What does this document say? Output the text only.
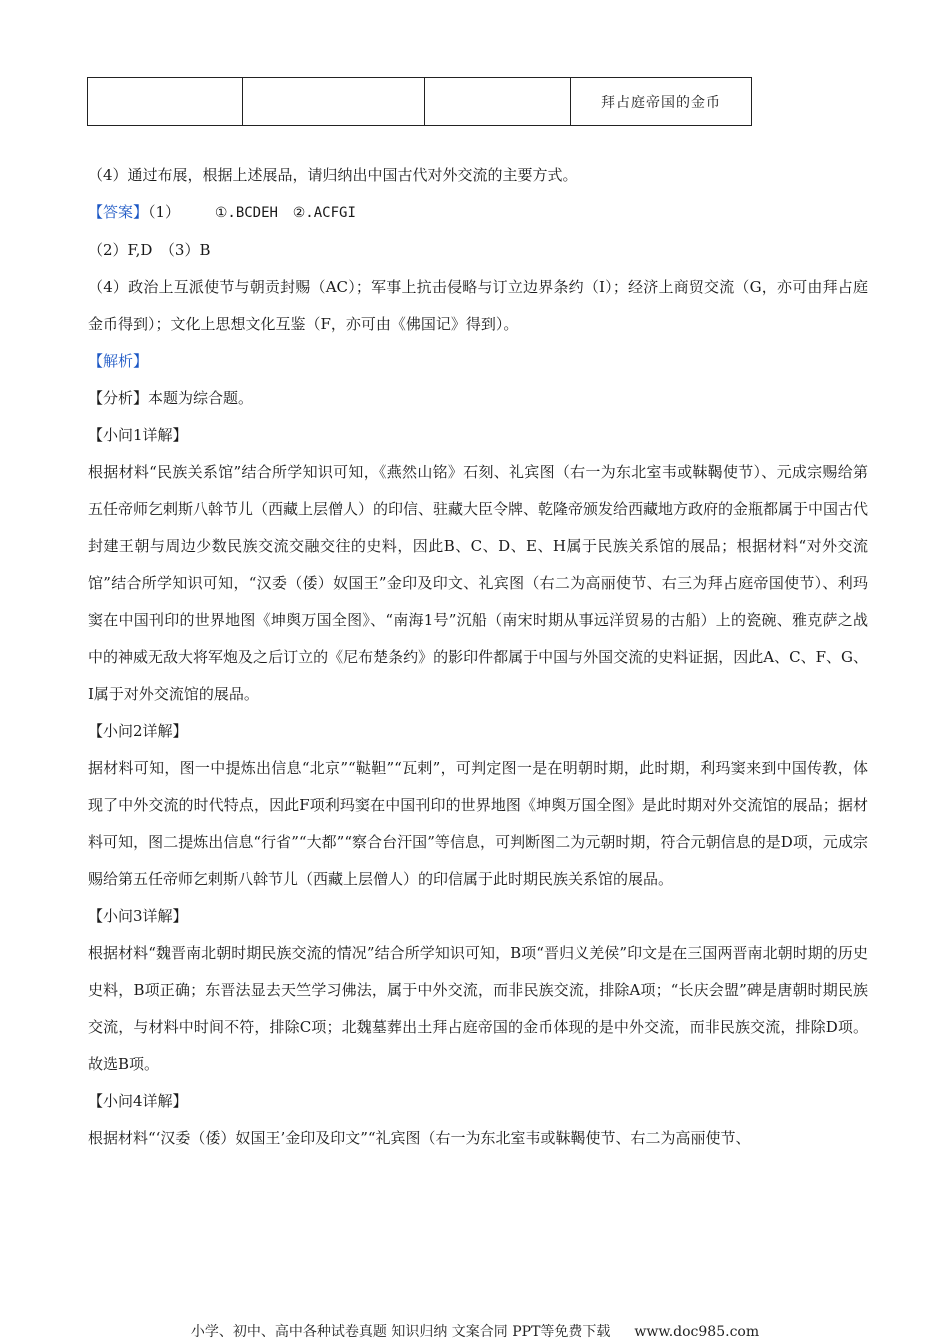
			拜占庭帝国的金币

（4）通过布展，根据上述展品，请归纳出中国古代对外交流的主要方式。

【答案】（1） ①.BCDEH ②.ACFGI

（2）F,D　（3）B

（4）政治上互派使节与朝贡封赐（AC）；军事上抗击侵略与订立边界条约（I）；经济上商贸交流（G，亦可由拜占庭金币得到）；文化上思想文化互鉴（F，亦可由《佛国记》得到）。

【解析】

【分析】本题为综合题。

【小问1详解】

根据材料“民族关系馆”结合所学知识可知，《燕然山铭》石刻、礼宾图（右一为东北室韦或靺鞨使节）、元成宗赐给第五任帝师乞剌斯八斡节儿（西藏上层僧人）的印信、驻藏大臣令牌、乾隆帝颁发给西藏地方政府的金瓶都属于中国古代封建王朝与周边少数民族交流交融交往的史料，因此B、C、D、E、H属于民族关系馆的展品；根据材料“对外交流馆”结合所学知识可知，“汉委（倭）奴国王”金印及印文、礼宾图（右二为高丽使节、右三为拜占庭帝国使节）、利玛窦在中国刊印的世界地图《坤舆万国全图》、“南海1号”沉船（南宋时期从事远洋贸易的古船）上的瓷碗、雅克萨之战中的神威无敌大将军炮及之后订立的《尼布楚条约》的影印件都属于中国与外国交流的史料证据，因此A、C、F、G、I属于对外交流馆的展品。

【小问2详解】

据材料可知，图一中提炼出信息“北京”“鞑靼”“瓦剌”，可判定图一是在明朝时期，此时期，利玛窦来到中国传教，体现了中外交流的时代特点，因此F项利玛窦在中国刊印的世界地图《坤舆万国全图》是此时期对外交流馆的展品；据材料可知，图二提炼出信息“行省”“大都”“察合台汗国”等信息，可判断图二为元朝时期，符合元朝信息的是D项，元成宗赐给第五任帝师乞剌斯八斡节儿（西藏上层僧人）的印信属于此时期民族关系馆的展品。

【小问3详解】

根据材料“魏晋南北朝时期民族交流的情况”结合所学知识可知，B项“晋归义羌侯”印文是在三国两晋南北朝时期的历史史料，B项正确；东晋法显去天竺学习佛法，属于中外交流，而非民族交流，排除A项；“长庆会盟”碑是唐朝时期民族交流，与材料中时间不符，排除C项；北魏墓葬出土拜占庭帝国的金币体现的是中外交流，而非民族交流，排除D项。故选B项。

【小问4详解】

根据材料“‘汉委（倭）奴国王’金印及印文”“礼宾图（右一为东北室韦或靺鞨使节、右二为高丽使节、

小学、初中、高中各种试卷真题 知识归纳 文案合同 PPT等免费下载 www.doc985.com
